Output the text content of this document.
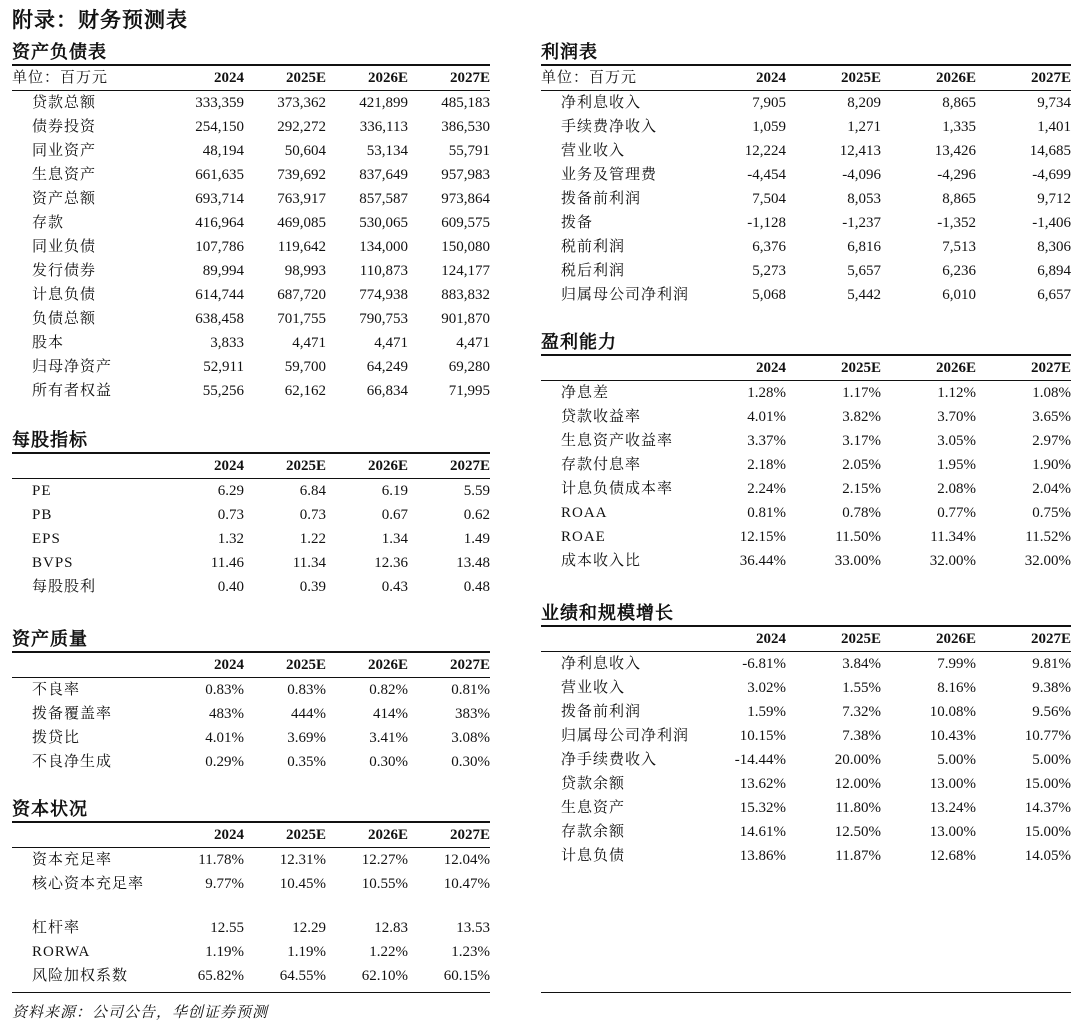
附录：财务预测表
资产负债表
单位：百万元	2024	2025E	2026E	2027E
贷款总额	333,359	373,362	421,899	485,183
债券投资	254,150	292,272	336,113	386,530
同业资产	48,194	50,604	53,134	55,791
生息资产	661,635	739,692	837,649	957,983
资产总额	693,714	763,917	857,587	973,864
存款	416,964	469,085	530,065	609,575
同业负债	107,786	119,642	134,000	150,080
发行债券	89,994	98,993	110,873	124,177
计息负债	614,744	687,720	774,938	883,832
负债总额	638,458	701,755	790,753	901,870
股本	3,833	4,471	4,471	4,471
归母净资产	52,911	59,700	64,249	69,280
所有者权益	55,256	62,162	66,834	71,995
每股指标
	2024	2025E	2026E	2027E
PE	6.29	6.84	6.19	5.59
PB	0.73	0.73	0.67	0.62
EPS	1.32	1.22	1.34	1.49
BVPS	11.46	11.34	12.36	13.48
每股股利	0.40	0.39	0.43	0.48
资产质量
	2024	2025E	2026E	2027E
不良率	0.83%	0.83%	0.82%	0.81%
拨备覆盖率	483%	444%	414%	383%
拨贷比	4.01%	3.69%	3.41%	3.08%
不良净生成	0.29%	0.35%	0.30%	0.30%
资本状况
	2024	2025E	2026E	2027E
资本充足率	11.78%	12.31%	12.27%	12.04%
核心资本充足率	9.77%	10.45%	10.55%	10.47%

杠杆率	12.55	12.29	12.83	13.53
RORWA	1.19%	1.19%	1.22%	1.23%
风险加权系数	65.82%	64.55%	62.10%	60.15%
利润表
单位：百万元	2024	2025E	2026E	2027E
净利息收入	7,905	8,209	8,865	9,734
手续费净收入	1,059	1,271	1,335	1,401
营业收入	12,224	12,413	13,426	14,685
业务及管理费	-4,454	-4,096	-4,296	-4,699
拨备前利润	7,504	8,053	8,865	9,712
拨备	-1,128	-1,237	-1,352	-1,406
税前利润	6,376	6,816	7,513	8,306
税后利润	5,273	5,657	6,236	6,894
归属母公司净利润	5,068	5,442	6,010	6,657
盈利能力
	2024	2025E	2026E	2027E
净息差	1.28%	1.17%	1.12%	1.08%
贷款收益率	4.01%	3.82%	3.70%	3.65%
生息资产收益率	3.37%	3.17%	3.05%	2.97%
存款付息率	2.18%	2.05%	1.95%	1.90%
计息负债成本率	2.24%	2.15%	2.08%	2.04%
ROAA	0.81%	0.78%	0.77%	0.75%
ROAE	12.15%	11.50%	11.34%	11.52%
成本收入比	36.44%	33.00%	32.00%	32.00%
业绩和规模增长
	2024	2025E	2026E	2027E
净利息收入	-6.81%	3.84%	7.99%	9.81%
营业收入	3.02%	1.55%	8.16%	9.38%
拨备前利润	1.59%	7.32%	10.08%	9.56%
归属母公司净利润	10.15%	7.38%	10.43%	10.77%
净手续费收入	-14.44%	20.00%	5.00%	5.00%
贷款余额	13.62%	12.00%	13.00%	15.00%
生息资产	15.32%	11.80%	13.24%	14.37%
存款余额	14.61%	12.50%	13.00%	15.00%
计息负债	13.86%	11.87%	12.68%	14.05%
资料来源：公司公告，华创证券预测
